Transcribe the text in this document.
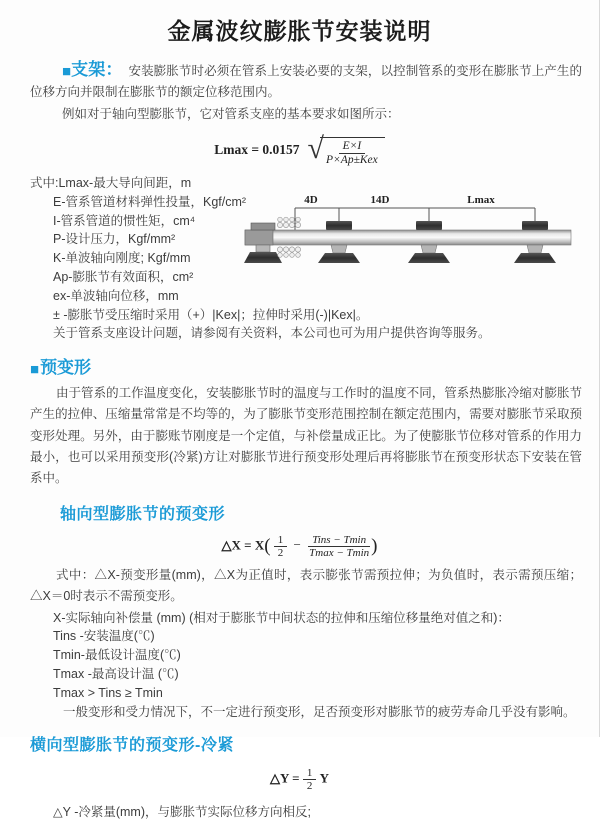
金属波纹膨胀节安装说明

■支架： 安装膨胀节时必须在管系上安装必要的支架，以控制管系的变形在膨胀节上产生的位移方向并限制在膨胀节的额定位移范围内。

例如对于轴向型膨胀节，它对管系支座的基本要求如图所示：

Lmax = 0.0157 √ $\frac{E\times I}{\text{P×Ap±Kex}}$
式中:Lmax-最大导向间距，m
E-管系管道材料弹性投量，Kgf/cm²
I-管系管道的惯性矩，cm⁴
P-设计压力，Kgf/mm²
K-单波轴向刚度; Kgf/mm
Ap-膨胀节有效面积，cm²
ex-单波轴向位移，mm
± -膨胀节受压缩时采用（+）|Kex|；拉伸时采用(-)|Kex|。
关于管系支座设计问题，请参阅有关资料，本公司也可为用户提供咨询等服务。
4D	14D	Lmax
■预变形

由于管系的工作温度变化，安装膨胀节时的温度与工作时的温度不同，管系热膨胀冷缩对膨胀节产生的拉伸、压缩量常常是不均等的，为了膨胀节变形范围控制在额定范围内，需要对膨胀节采取预变形处理。另外，由于膨账节刚度是一个定值，与补偿量成正比。为了使膨胀节位移对管系的作用力最小，也可以采用预变形(冷紧)方让对膨胀节进行预变形处理后再将膨胀节在预变形状态下安装在管系中。

轴向型膨胀节的预变形
△X = $X( \frac{1}{2} - \frac{\text{Tins − Tmin}}{Tmax - Tmin}$ )

式中：△X-预变形量(mm)，△X为正值时，表示膨张节需预拉伸；为负值时，表示需预压缩；△X＝0时表示不需预变形。

X-实际轴向补偿量 (mm) (相对于膨胀节中间状态的拉伸和压缩位移量绝对值之和)：
Tins -安装温度(℃)
Tmin-最低设计温度(℃)
Tmax -最高设计温 (℃)
Tmax > Tins ≥ Tmin
一般变形和受力情况下，不一定进行预变形，足否预变形对膨胀节的疲劳寿命几乎没有影响。
横向型膨胀节的预变形-冷紧
△Y = $\frac{1}{2}$ Y
△Y -冷紧量(mm)，与膨胀节实际位移方向相反;
